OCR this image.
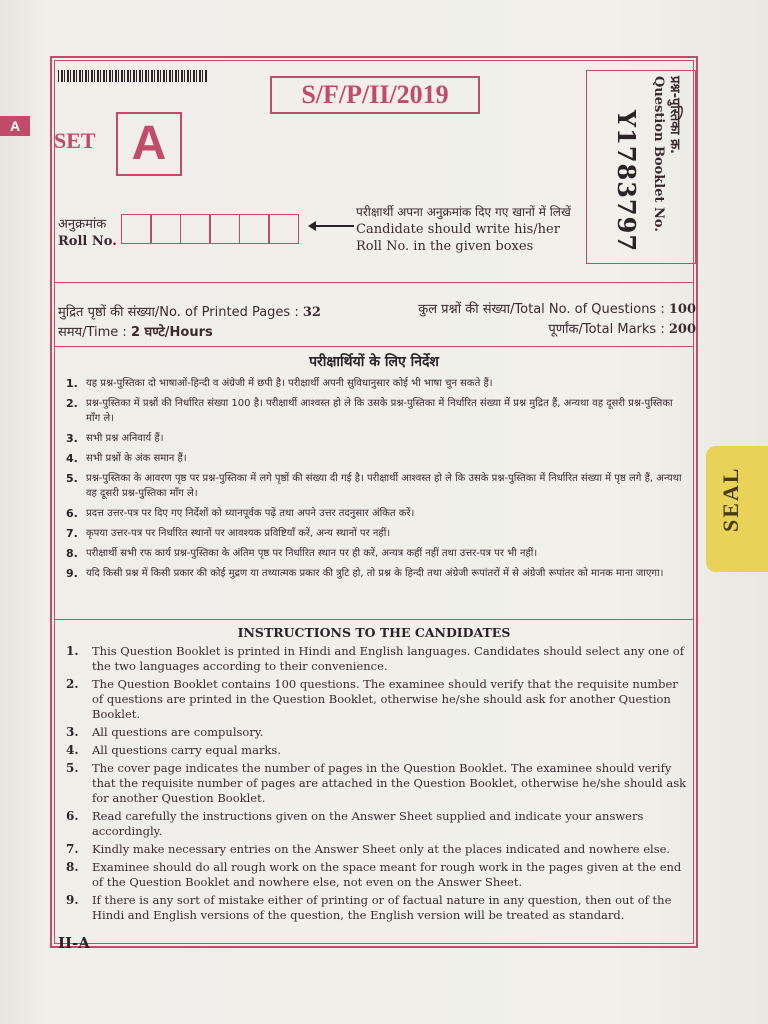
A
SEAL
S/F/P/II/2019
SET A
अनुक्रमांक
Roll No.
परीक्षार्थी अपना अनुक्रमांक दिए गए खानों में लिखें
Candidate should write his/her
Roll No. in the given boxes
प्रश्न-पुस्तिका क्र.
Question Booklet No.
Y1783797
मुद्रित पृष्ठों की संख्या/No. of Printed Pages : 32
समय/Time : 2 घण्टे/Hours
कुल प्रश्नों की संख्या/Total No. of Questions : 100
पूर्णांक/Total Marks : 200
परीक्षार्थियों के लिए निर्देश
1. यह प्रश्न-पुस्तिका दो भाषाओं-हिन्दी व अंग्रेजी में छपी है। परीक्षार्थी अपनी सुविधानुसार कोई भी भाषा चुन सकते हैं।
2. प्रश्न-पुस्तिका में प्रश्नों की निर्धारित संख्या 100 है। परीक्षार्थी आश्वस्त हो ले कि उसके प्रश्न-पुस्तिका में निर्धारित संख्या में प्रश्न मुद्रित हैं, अन्यथा वह दूसरी प्रश्न-पुस्तिका माँग ले।
3. सभी प्रश्न अनिवार्य हैं।
4. सभी प्रश्नों के अंक समान हैं।
5. प्रश्न-पुस्तिका के आवरण पृष्ठ पर प्रश्न-पुस्तिका में लगे पृष्ठों की संख्या दी गई है। परीक्षार्थी आश्वस्त हो ले कि उसके प्रश्न-पुस्तिका में निर्धारित संख्या में पृष्ठ लगे हैं, अन्यथा वह दूसरी प्रश्न-पुस्तिका माँग ले।
6. प्रदत्त उत्तर-पत्र पर दिए गए निर्देशों को ध्यानपूर्वक पढ़ें तथा अपने उत्तर तदनुसार अंकित करें।
7. कृपया उत्तर-पत्र पर निर्धारित स्थानों पर आवश्यक प्रविष्टियाँ करें, अन्य स्थानों पर नहीं।
8. परीक्षार्थी सभी रफ कार्य प्रश्न-पुस्तिका के अंतिम पृष्ठ पर निर्धारित स्थान पर ही करें, अन्यत्र कहीं नहीं तथा उत्तर-पत्र पर भी नहीं।
9. यदि किसी प्रश्न में किसी प्रकार की कोई मुद्रण या तथ्यात्मक प्रकार की त्रुटि हो, तो प्रश्न के हिन्दी तथा अंग्रेजी रूपांतरों में से अंग्रेजी रूपांतर को मानक माना जाएगा।
INSTRUCTIONS TO THE CANDIDATES
1. This Question Booklet is printed in Hindi and English languages. Candidates should select any one of the two languages according to their convenience.
2. The Question Booklet contains 100 questions. The examinee should verify that the requisite number of questions are printed in the Question Booklet, otherwise he/she should ask for another Question Booklet.
3. All questions are compulsory.
4. All questions carry equal marks.
5. The cover page indicates the number of pages in the Question Booklet. The examinee should verify that the requisite number of pages are attached in the Question Booklet, otherwise he/she should ask for another Question Booklet.
6. Read carefully the instructions given on the Answer Sheet supplied and indicate your answers accordingly.
7. Kindly make necessary entries on the Answer Sheet only at the places indicated and nowhere else.
8. Examinee should do all rough work on the space meant for rough work in the pages given at the end of the Question Booklet and nowhere else, not even on the Answer Sheet.
9. If there is any sort of mistake either of printing or of factual nature in any question, then out of the Hindi and English versions of the question, the English version will be treated as standard.
II-A
